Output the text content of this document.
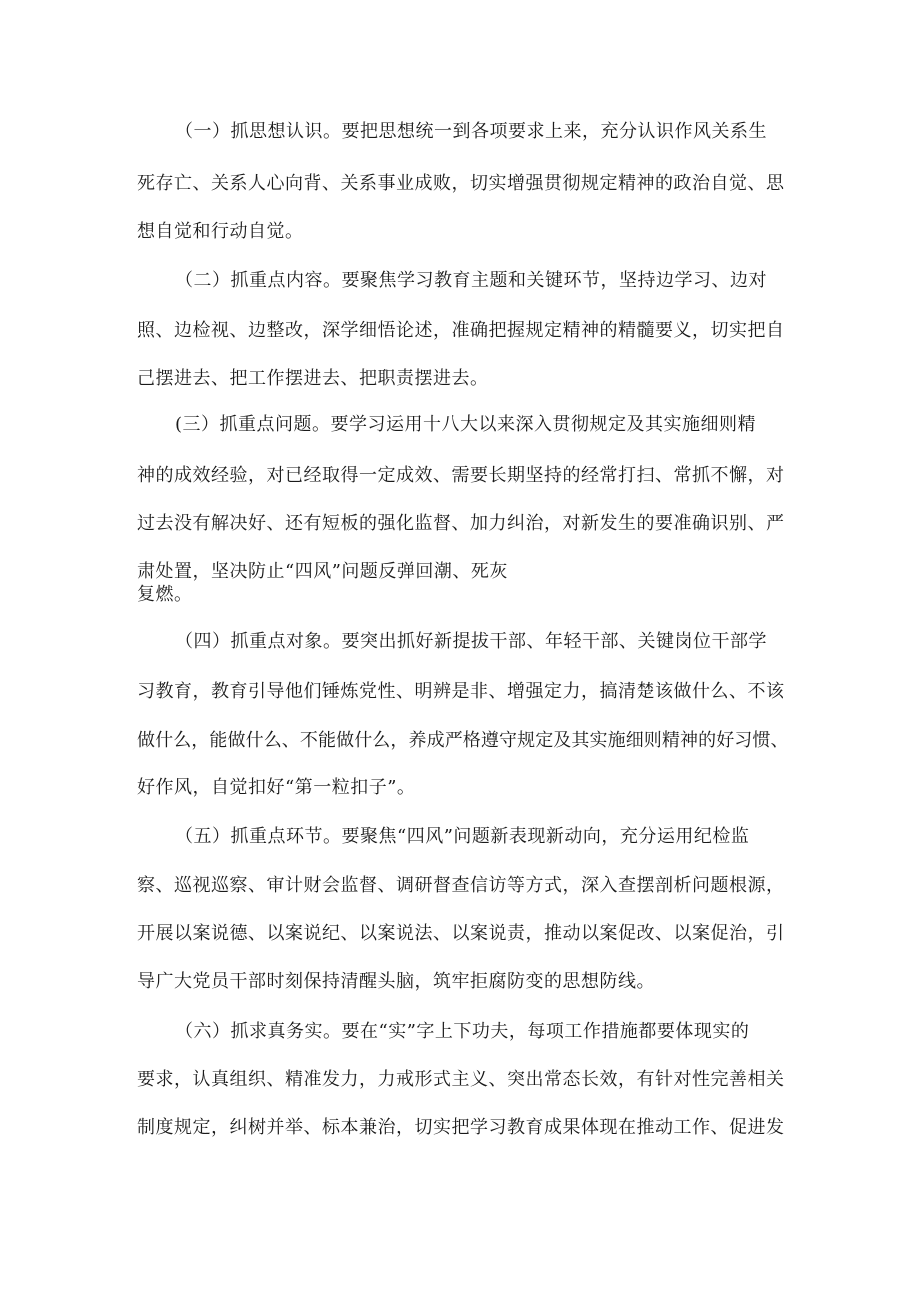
（一）抓思想认识。要把思想统一到各项要求上来，充分认识作风关系生
死存亡、关系人心向背、关系事业成败，切实增强贯彻规定精神的政治自觉、思
想自觉和行动自觉。
（二）抓重点内容。要聚焦学习教育主题和关键环节，坚持边学习、边对
照、边检视、边整改，深学细悟论述，准确把握规定精神的精髓要义，切实把自
己摆进去、把工作摆进去、把职责摆进去。
(三）抓重点问题。要学习运用十八大以来深入贯彻规定及其实施细则精
神的成效经验，对已经取得一定成效、需要长期坚持的经常打扫、常抓不懈，对
过去没有解决好、还有短板的强化监督、加力纠治，对新发生的要准确识别、严
肃处置，坚决防止“四风”问题反弹回潮、死灰
复燃。
（四）抓重点对象。要突出抓好新提拔干部、年轻干部、关键岗位干部学
习教育，教育引导他们锤炼党性、明辨是非、增强定力，搞清楚该做什么、不该
做什么，能做什么、不能做什么，养成严格遵守规定及其实施细则精神的好习惯、
好作风，自觉扣好“第一粒扣子”。
（五）抓重点环节。要聚焦“四风”问题新表现新动向，充分运用纪检监
察、巡视巡察、审计财会监督、调研督查信访等方式，深入查摆剖析问题根源，
开展以案说德、以案说纪、以案说法、以案说责，推动以案促改、以案促治，引
导广大党员干部时刻保持清醒头脑，筑牢拒腐防变的思想防线。
（六）抓求真务实。要在“实”字上下功夫，每项工作措施都要体现实的
要求，认真组织、精准发力，力戒形式主义、突出常态长效，有针对性完善相关
制度规定，纠树并举、标本兼治，切实把学习教育成果体现在推动工作、促进发
